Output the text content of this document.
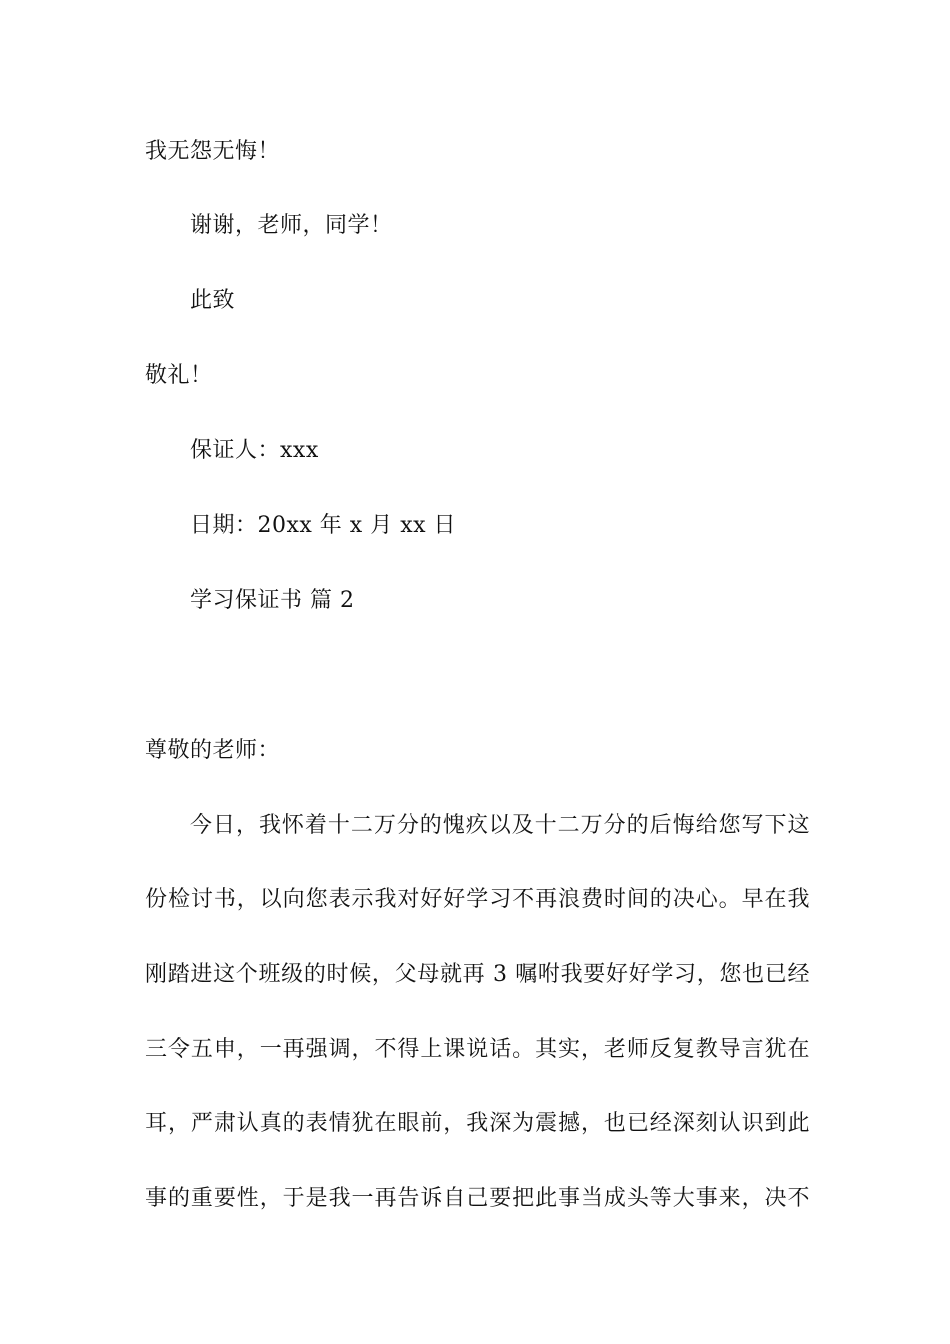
我无怨无悔！
谢谢，老师，同学！
此致
敬礼！
保证人：xxx
日期：20xx 年 x 月 xx 日
学习保证书 篇 2
尊敬的老师：
今日，我怀着十二万分的愧疚以及十二万分的后悔给您写下这
份检讨书，以向您表示我对好好学习不再浪费时间的决心。早在我
刚踏进这个班级的时候，父母就再 3 嘱咐我要好好学习，您也已经
三令五申，一再强调，不得上课说话。其实，老师反复教导言犹在
耳，严肃认真的表情犹在眼前，我深为震撼，也已经深刻认识到此
事的重要性，于是我一再告诉自己要把此事当成头等大事来，决不
